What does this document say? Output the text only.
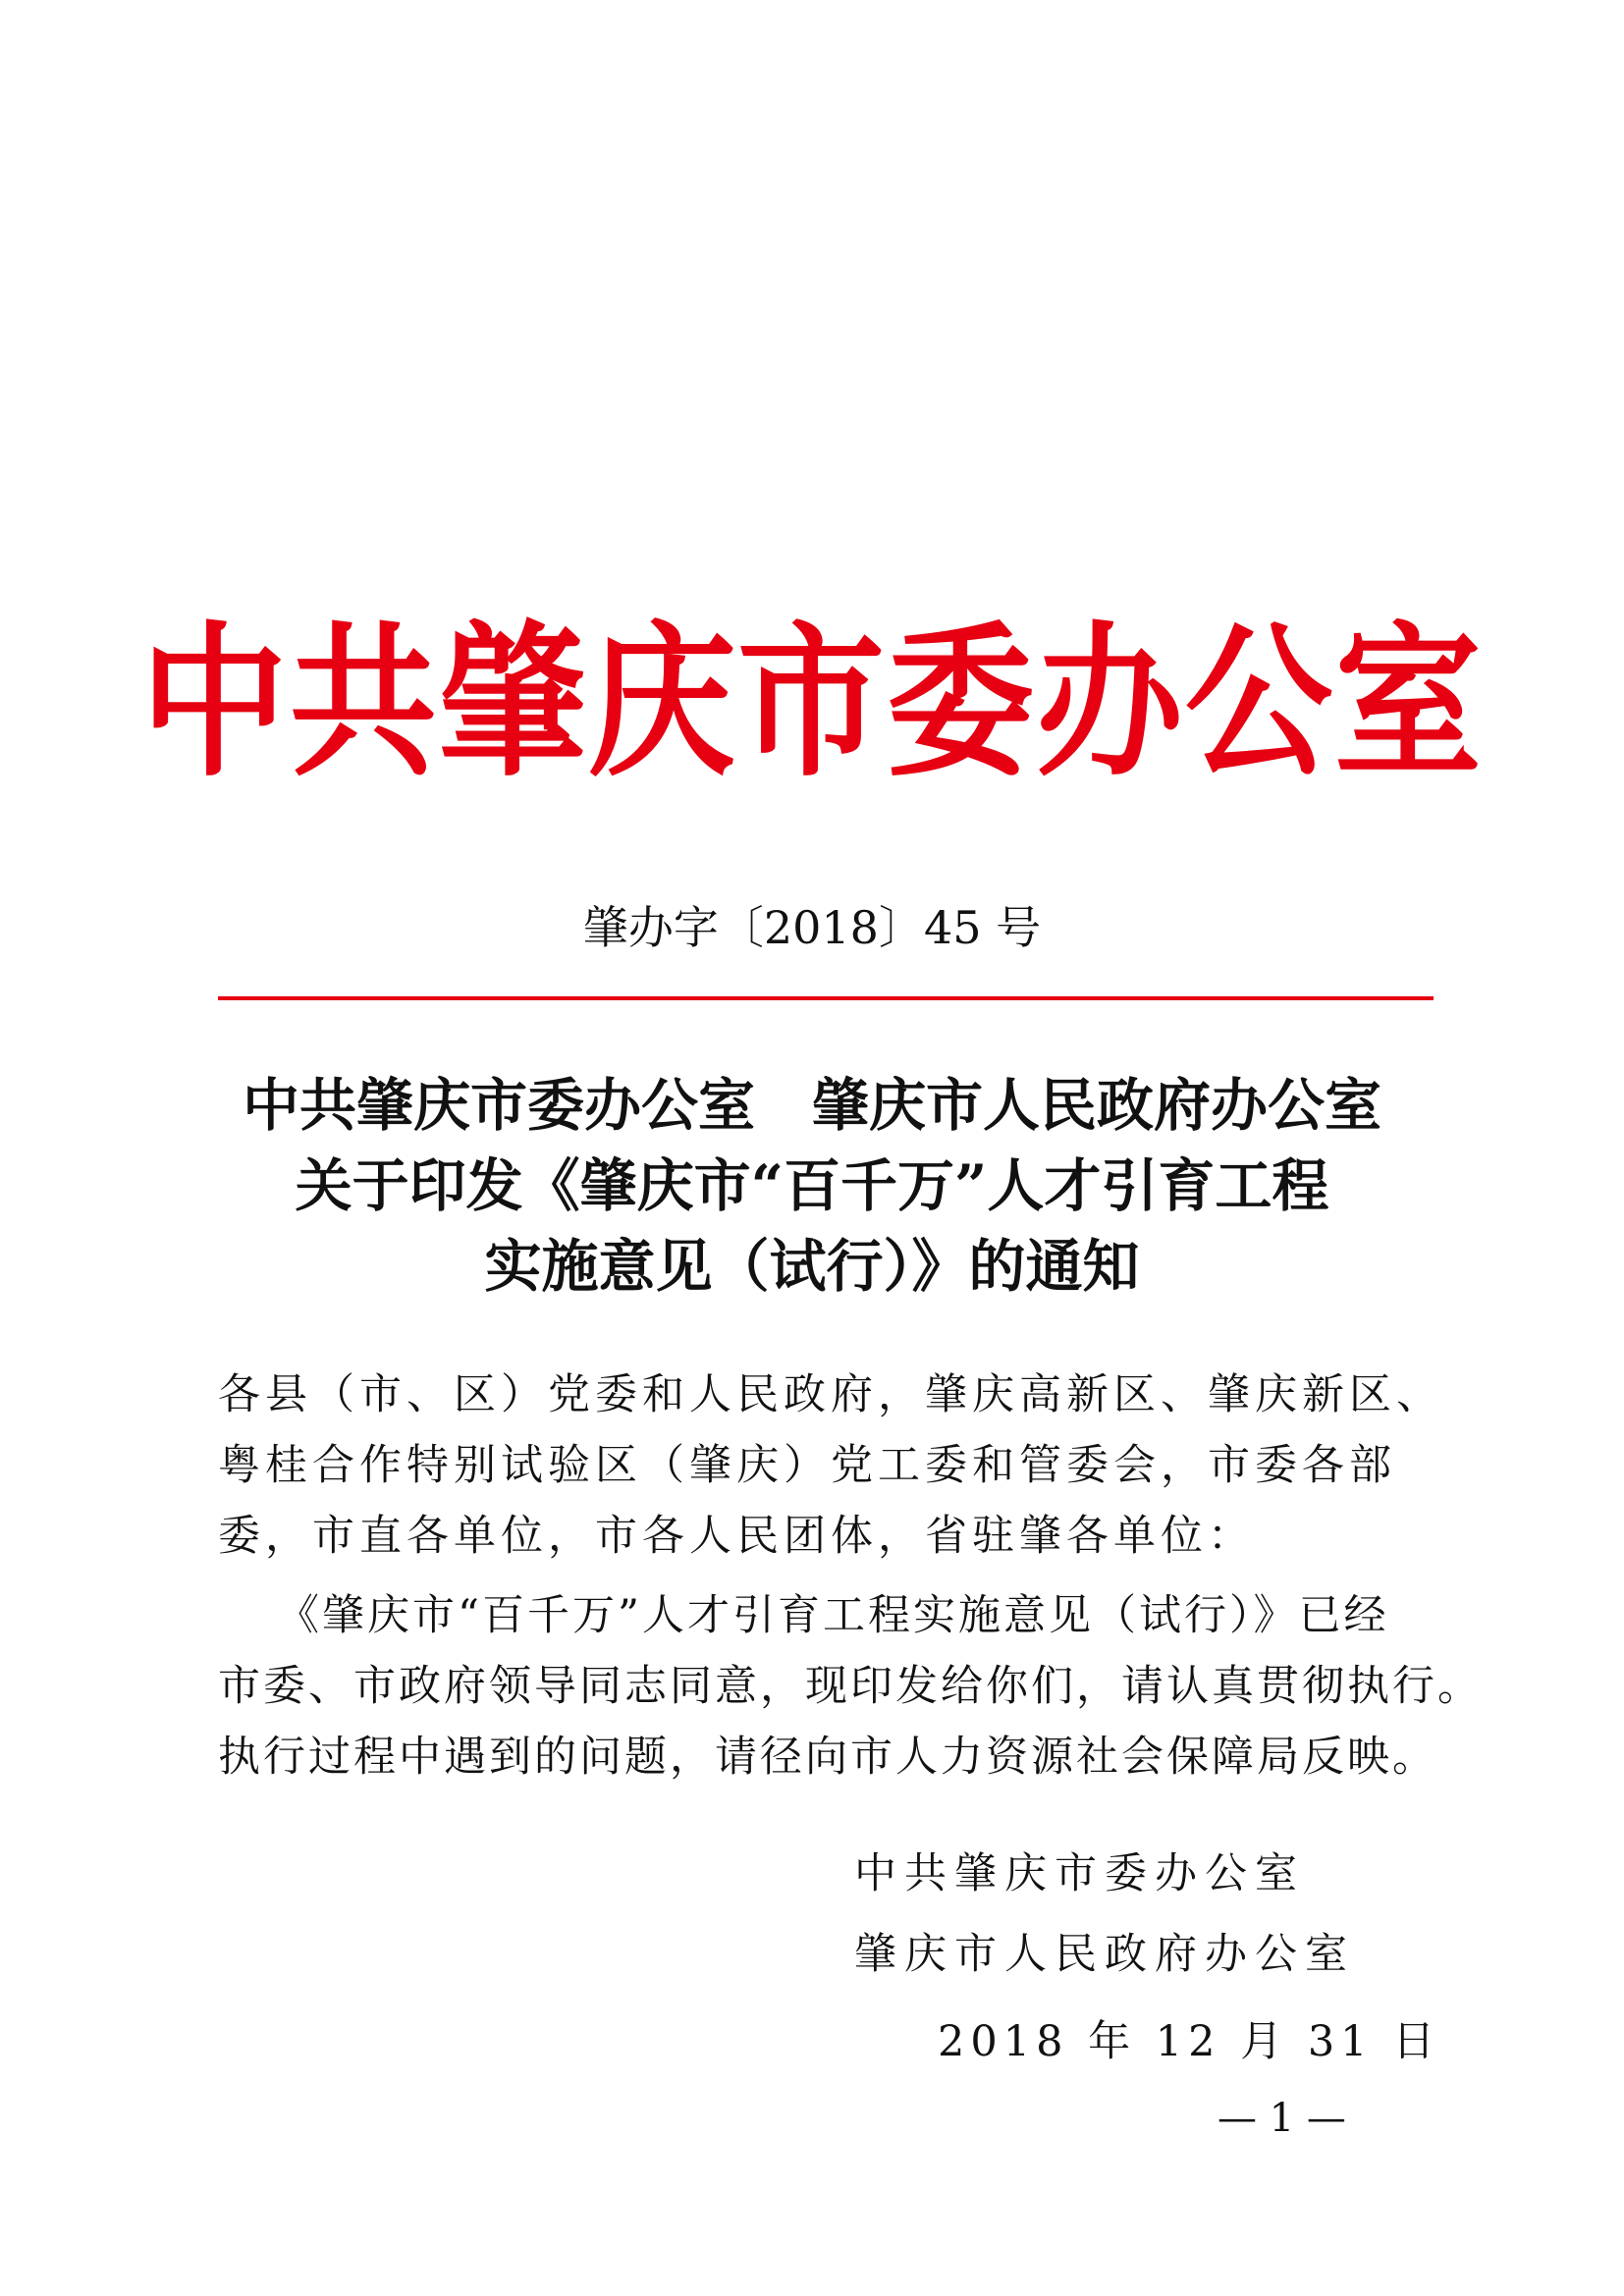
中共肇庆市委办公室
肇办字〔2018〕45 号
中共肇庆市委办公室　肇庆市人民政府办公室
关于印发《肇庆市“百千万”人才引育工程
实施意见（试行）》的通知
各县（市、区）党委和人民政府，肇庆高新区、肇庆新区、
粤桂合作特别试验区（肇庆）党工委和管委会，市委各部
委，市直各单位，市各人民团体，省驻肇各单位：
《肇庆市“百千万”人才引育工程实施意见（试行）》已经
市委、市政府领导同志同意，现印发给你们，请认真贯彻执行。
执行过程中遇到的问题，请径向市人力资源社会保障局反映。
中共肇庆市委办公室
肇庆市人民政府办公室
2018 年 12 月 31 日
— 1 —
